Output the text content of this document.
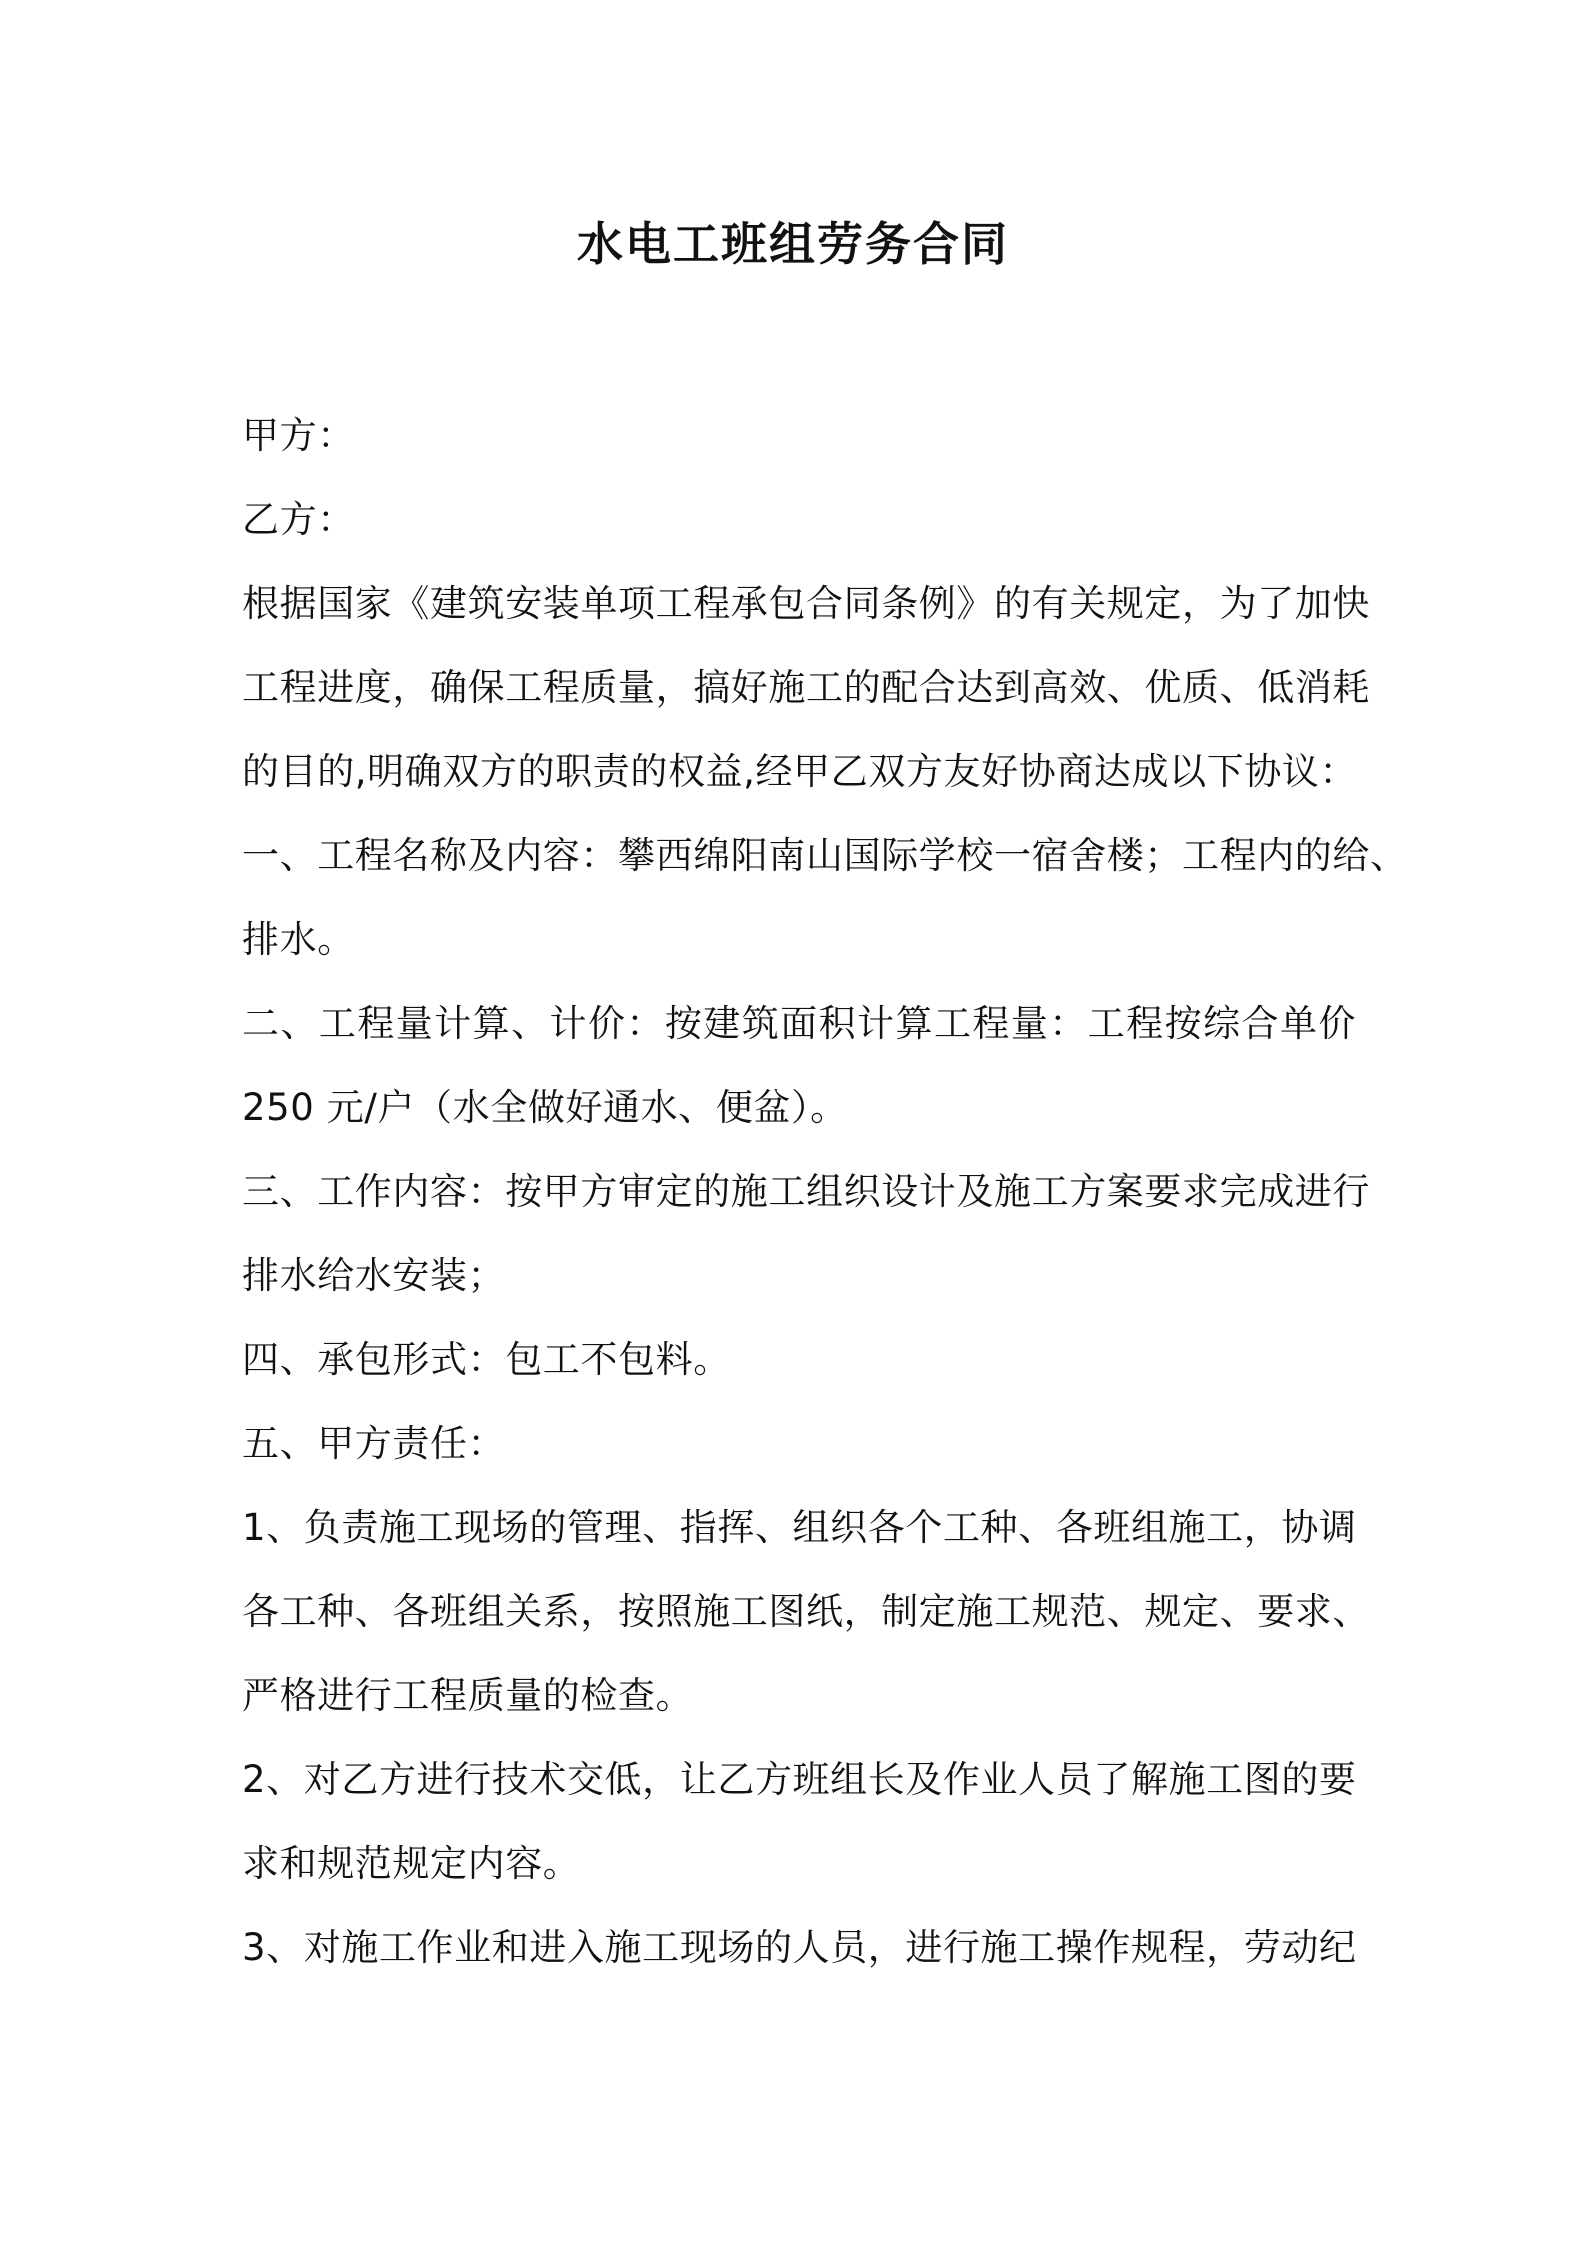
水电工班组劳务合同
甲方：
乙方：
根据国家《建筑安装单项工程承包合同条例》的有关规定，为了加快
工程进度，确保工程质量，搞好施工的配合达到高效、优质、低消耗
的目的,明确双方的职责的权益,经甲乙双方友好协商达成以下协议：
一、工程名称及内容：攀西绵阳南山国际学校一宿舍楼；工程内的给、
排水。
二、工程量计算、计价：按建筑面积计算工程量：工程按综合单价
250 元/户（水全做好通水、便盆）。
三、工作内容：按甲方审定的施工组织设计及施工方案要求完成进行
排水给水安装；
四、承包形式：包工不包料。
五、甲方责任：
1、负责施工现场的管理、指挥、组织各个工种、各班组施工，协调
各工种、各班组关系，按照施工图纸，制定施工规范、规定、要求、
严格进行工程质量的检查。
2、对乙方进行技术交低，让乙方班组长及作业人员了解施工图的要
求和规范规定内容。
3、对施工作业和进入施工现场的人员，进行施工操作规程，劳动纪
